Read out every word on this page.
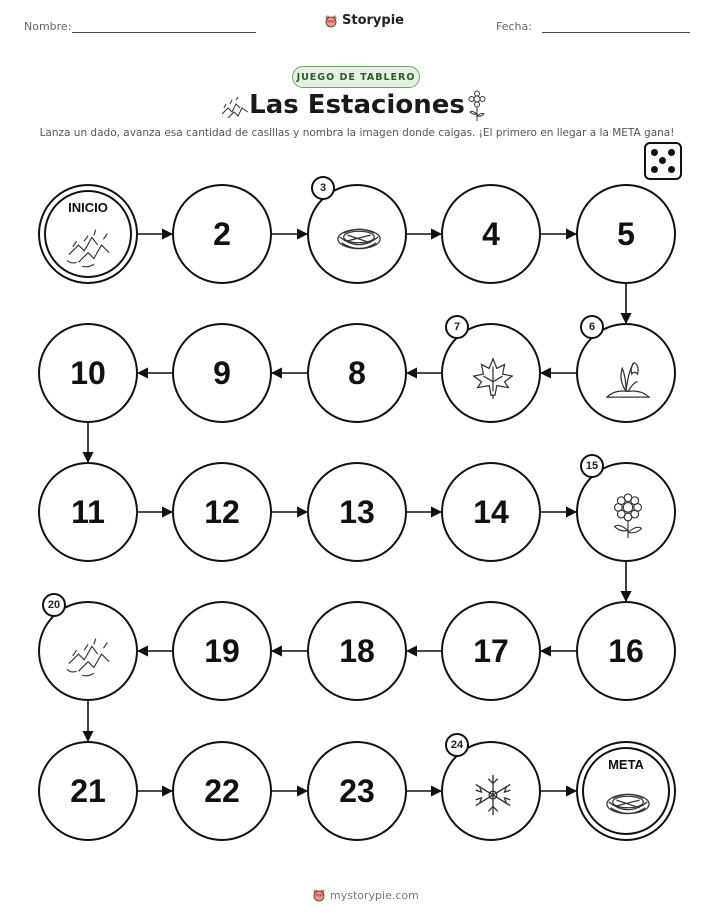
Nombre:	Storypie	Fecha:
JUEGO DE TABLERO
Las Estaciones
Lanza un dado, avanza esa cantidad de casillas y nombra la imagen donde caigas. ¡El primero en llegar a la META gana!
INICIO
2
3
4	5
10	9	8
7	6
11	12	13	14
15
20
19	18	17	16
21	22	23
24
META
mystorypie.com
